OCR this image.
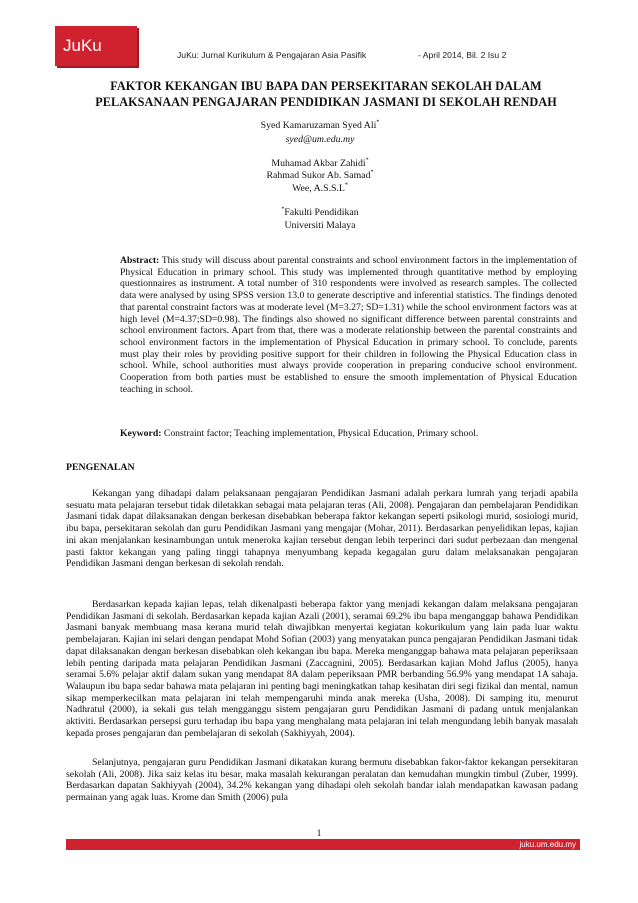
JuKu	JuKu: Jurnal Kurikulum & Pengajaran Asia Pasifik	- April 2014, Bil. 2 Isu 2
FAKTOR KEKANGAN IBU BAPA DAN PERSEKITARAN SEKOLAH DALAM
PELAKSANAAN PENGAJARAN PENDIDIKAN JASMANI DI SEKOLAH RENDAH
Syed Kamaruzaman Syed Ali*
syed@um.edu.my
Muhamad Akbar Zahidi*
Rahmad Sukor Ab. Samad*
Wee, A.S.S.L*
*Fakulti Pendidikan
Universiti Malaya
Abstract: This study will discuss about parental constraints and school environment factors in the implementation of Physical Education in primary school. This study was implemented through quantitative method by employing questionnaires as instrument. A total number of 310 respondents were involved as research samples. The collected data were analysed by using SPSS version 13.0 to generate descriptive and inferential statistics. The findings denoted that parental constraint factors was at moderate level (M=3.27; SD=1.31) while the school environment factors was at high level (M=4.37;SD=0.98). The findings also showed no significant difference between parental constraints and school environment factors. Apart from that, there was a moderate relationship between the parental constraints and school environment factors in the implementation of Physical Education in primary school. To conclude, parents must play their roles by providing positive support for their children in following the Physical Education class in school. While, school authorities must always provide cooperation in preparing conducive school environment. Cooperation from both parties must be established to ensure the smooth implementation of Physical Education teaching in school.
Keyword: Constraint factor; Teaching implementation, Physical Education, Primary school.
PENGENALAN
Kekangan yang dihadapi dalam pelaksanaan pengajaran Pendidikan Jasmani adalah perkara lumrah yang terjadi apabila sesuatu mata pelajaran tersebut tidak diletakkan sebagai mata pelajaran teras (Ali, 2008). Pengajaran dan pembelajaran Pendidikan Jasmani tidak dapat dilaksanakan dengan berkesan disebabkan beberapa faktor kekangan seperti psikologi murid, sosiologi murid, ibu bapa, persekitaran sekolah dan guru Pendidikan Jasmani yang mengajar (Mohar, 2011). Berdasarkan penyelidikan lepas, kajian ini akan menjalankan kesinambungan untuk meneroka kajian tersebut dengan lebih terperinci dari sudut perbezaan dan mengenal pasti faktor kekangan yang paling tinggi tahapnya menyumbang kepada kegagalan guru dalam melaksanakan pengajaran Pendidikan Jasmani dengan berkesan di sekolah rendah.
Berdasarkan kepada kajian lepas, telah dikenalpasti beberapa faktor yang menjadi kekangan dalam melaksana pengajaran Pendidikan Jasmani di sekolah. Berdasarkan kepada kajian Azali (2001), seramai 69.2% ibu bapa menganggap bahawa Pendidikan Jasmani banyak membuang masa kerana murid telah diwajibkan menyertai kegiatan kokurikulum yang lain pada luar waktu pembelajaran. Kajian ini selari dengan pendapat Mohd Sofian (2003) yang menyatakan punca pengajaran Pendidikan Jasmani tidak dapat dilaksanakan dengan berkesan disebabkan oleh kekangan ibu bapa. Mereka menganggap bahawa mata pelajaran peperiksaan lebih penting daripada mata pelajaran Pendidikan Jasmani (Zaccagnini, 2005). Berdasarkan kajian Mohd Jaflus (2005), hanya seramai 5.6% pelajar aktif dalam sukan yang mendapat 8A dalam peperiksaan PMR berbanding 56.9% yang mendapat 1A sahaja. Walaupun ibu bapa sedar bahawa mata pelajaran ini penting bagi meningkatkan tahap kesihatan diri segi fizikal dan mental, namun sikap memperkecilkan mata pelajaran ini telah mempengaruhi minda anak mereka (Usha, 2008). Di samping itu, menurut Nadhratul (2000), ia sekali gus telah mengganggu sistem pengajaran guru Pendidikan Jasmani di padang untuk menjalankan aktiviti. Berdasarkan persepsi guru terhadap ibu bapa yang menghalang mata pelajaran ini telah mengundang lebih banyak masalah kepada proses pengajaran dan pembelajaran di sekolah (Sakhiyyah, 2004).
Selanjutnya, pengajaran guru Pendidikan Jasmani dikatakan kurang bermutu disebabkan fakor-faktor kekangan persekitaran sekolah (Ali, 2008). Jika saiz kelas itu besar, maka masalah kekurangan peralatan dan kemudahan mungkin timbul (Zuber, 1999). Berdasarkan dapatan Sakhiyyah (2004), 34.2% kekangan yang dihadapi oleh sekolah bandar ialah mendapatkan kawasan padang permainan yang agak luas. Krome dan Smith (2006) pula
1
juku.um.edu.my
